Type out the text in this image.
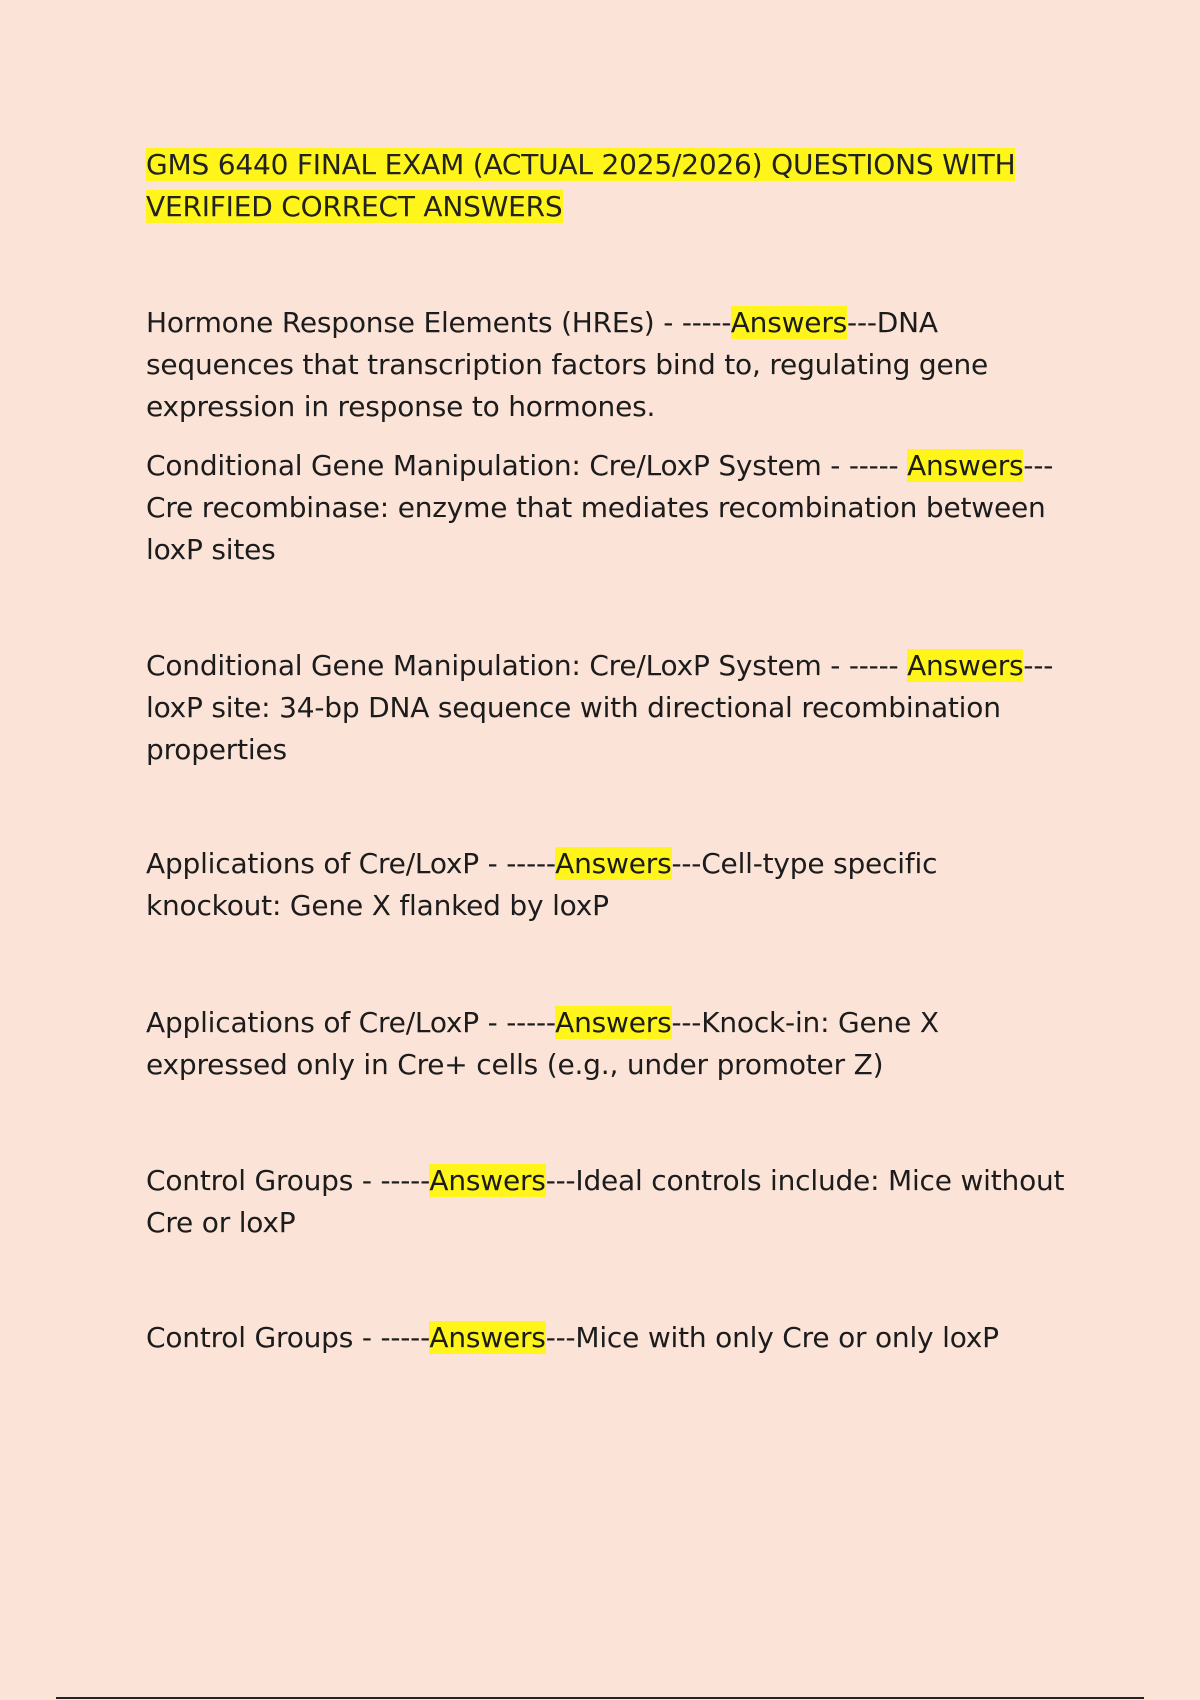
GMS 6440 FINAL EXAM (ACTUAL 2025/2026) QUESTIONS WITH VERIFIED CORRECT ANSWERS

Hormone Response Elements (HREs) - -----Answers---DNA sequences that transcription factors bind to, regulating gene expression in response to hormones.

Conditional Gene Manipulation: Cre/LoxP System - ----- Answers---Cre recombinase: enzyme that mediates recombination between loxP sites

Conditional Gene Manipulation: Cre/LoxP System - ----- Answers---loxP site: 34-bp DNA sequence with directional recombination properties

Applications of Cre/LoxP - -----Answers---Cell-type specific knockout: Gene X flanked by loxP

Applications of Cre/LoxP - -----Answers---Knock-in: Gene X expressed only in Cre+ cells (e.g., under promoter Z)

Control Groups - -----Answers---Ideal controls include: Mice without Cre or loxP

Control Groups - -----Answers---Mice with only Cre or only loxP
